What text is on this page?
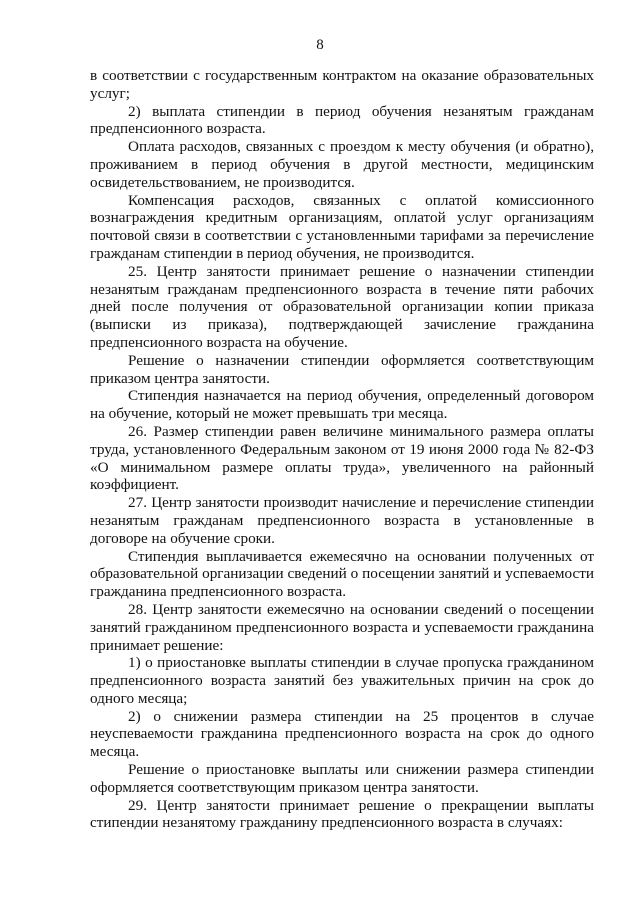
8

в соответствии с государственным контрактом на оказание образовательных услуг;

2) выплата стипендии в период обучения незанятым гражданам предпенсионного возраста.

Оплата расходов, связанных с проездом к месту обучения (и обратно), проживанием в период обучения в другой местности, медицинским освидетельствованием, не производится.

Компенсация расходов, связанных с оплатой комиссионного вознаграждения кредитным организациям, оплатой услуг организациям почтовой связи в соответствии с установленными тарифами за перечисление гражданам стипендии в период обучения, не производится.

25. Центр занятости принимает решение о назначении стипендии незанятым гражданам предпенсионного возраста в течение пяти рабочих дней после получения от образовательной организации копии приказа (выписки из приказа), подтверждающей зачисление гражданина предпенсионного возраста на обучение.

Решение о назначении стипендии оформляется соответствующим приказом центра занятости.

Стипендия назначается на период обучения, определенный договором на обучение, который не может превышать три месяца.

26. Размер стипендии равен величине минимального размера оплаты труда, установленного Федеральным законом от 19 июня 2000 года № 82-ФЗ «О минимальном размере оплаты труда», увеличенного на районный коэффициент.

27. Центр занятости производит начисление и перечисление стипендии незанятым гражданам предпенсионного возраста в установленные в договоре на обучение сроки.

Стипендия выплачивается ежемесячно на основании полученных от образовательной организации сведений о посещении занятий и успеваемости гражданина предпенсионного возраста.

28. Центр занятости ежемесячно на основании сведений о посещении занятий гражданином предпенсионного возраста и успеваемости гражданина принимает решение:

1) о приостановке выплаты стипендии в случае пропуска гражданином предпенсионного возраста занятий без уважительных причин на срок до одного месяца;

2) о снижении размера стипендии на 25 процентов в случае неуспеваемости гражданина предпенсионного возраста на срок до одного месяца.

Решение о приостановке выплаты или снижении размера стипендии оформляется соответствующим приказом центра занятости.

29. Центр занятости принимает решение о прекращении выплаты стипендии незанятому гражданину предпенсионного возраста в случаях:
